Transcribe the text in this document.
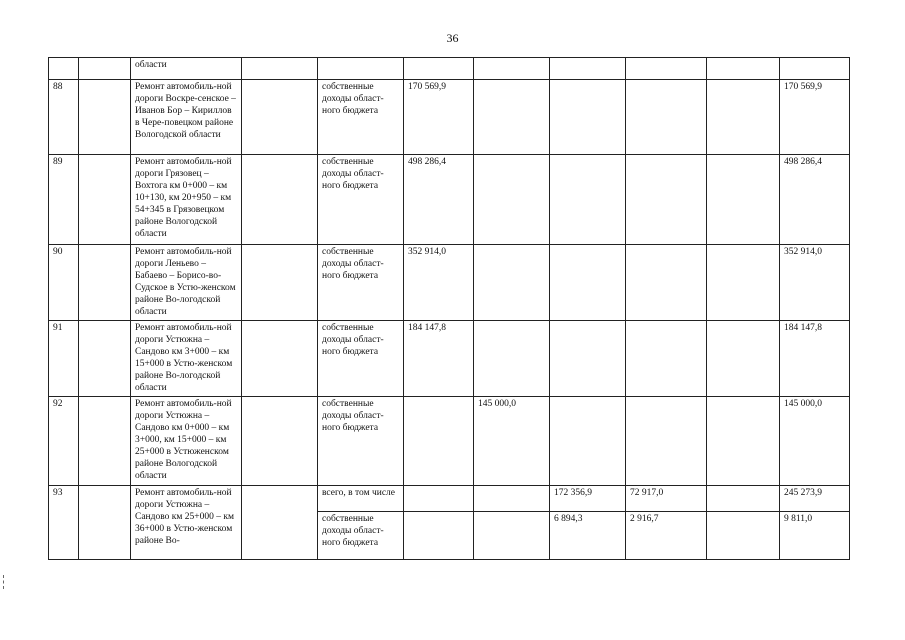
36
		области								
88		Ремонт автомобиль-ной дороги Воскре-сенское – Иванов Бор – Кириллов в Чере-повецком районе Вологодской области		собственные доходы област-ного бюджета	170 569,9					170 569,9
89		Ремонт автомобиль-ной дороги Грязовец – Вохтога км 0+000 – км 10+130, км 20+950 – км 54+345 в Грязовецком районе Вологодской области		собственные доходы област-ного бюджета	498 286,4					498 286,4
90		Ремонт автомобиль-ной дороги Леньево – Бабаево – Борисо-во-Судское в Устю-женском районе Во-логодской области		собственные доходы област-ного бюджета	352 914,0					352 914,0
91		Ремонт автомобиль-ной дороги Устюжна – Сандово км 3+000 – км 15+000 в Устю-женском районе Во-логодской области		собственные доходы област-ного бюджета	184 147,8					184 147,8
92		Ремонт автомобиль-ной дороги Устюжна – Сандово км 0+000 – км 3+000, км 15+000 – км 25+000 в Устюженском районе Вологодской области		собственные доходы област-ного бюджета		145 000,0				145 000,0
93		Ремонт автомобиль-ной дороги Устюжна – Сандово км 25+000 – км 36+000 в Устю-женском районе Во-		всего, в том числе			172 356,9	72 917,0		245 273,9
				собственные доходы област-ного бюджета			6 894,3	2 916,7		9 811,0
